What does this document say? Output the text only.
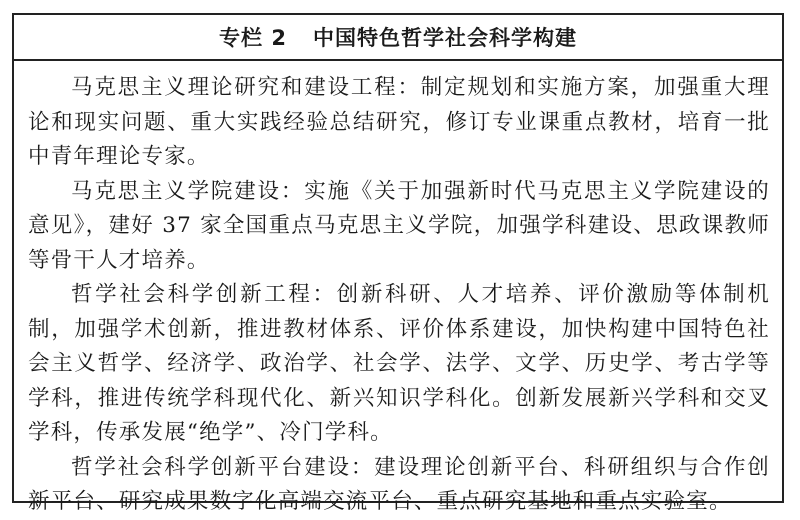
专栏 2 中国特色哲学社会科学构建

马克思主义理论研究和建设工程：制定规划和实施方案，加强重大理论和现实问题、重大实践经验总结研究，修订专业课重点教材，培育一批中青年理论专家。

马克思主义学院建设：实施《关于加强新时代马克思主义学院建设的意见》，建好 37 家全国重点马克思主义学院，加强学科建设、思政课教师等骨干人才培养。

哲学社会科学创新工程：创新科研、人才培养、评价激励等体制机制，加强学术创新，推进教材体系、评价体系建设，加快构建中国特色社会主义哲学、经济学、政治学、社会学、法学、文学、历史学、考古学等学科，推进传统学科现代化、新兴知识学科化。创新发展新兴学科和交叉学科，传承发展“绝学”、冷门学科。

哲学社会科学创新平台建设：建设理论创新平台、科研组织与合作创新平台、研究成果数字化高端交流平台、重点研究基地和重点实验室。
